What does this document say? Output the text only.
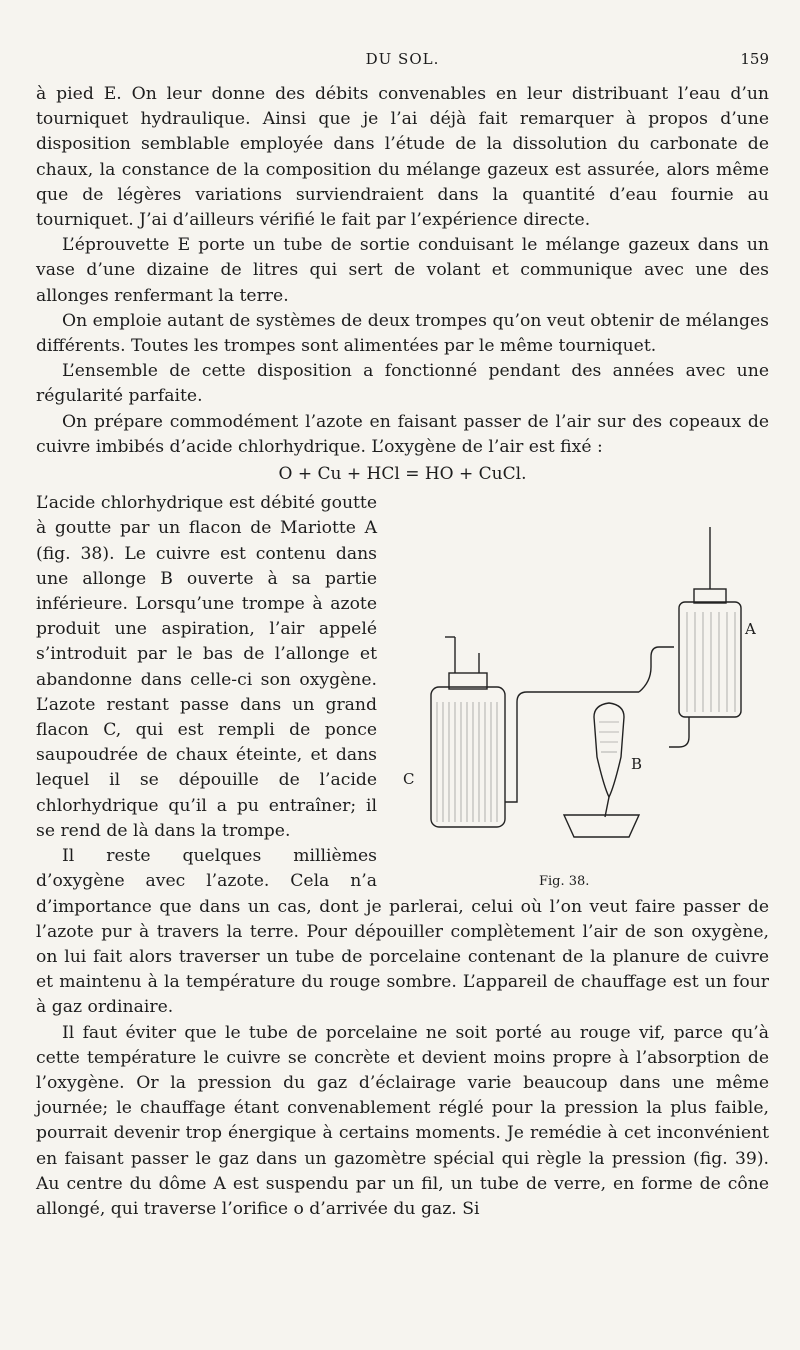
DU SOL.	159

à pied E. On leur donne des débits convenables en leur distribuant l’eau d’un tourniquet hydraulique. Ainsi que je l’ai déjà fait remarquer à propos d’une disposition semblable employée dans l’étude de la dissolution du carbonate de chaux, la constance de la composition du mélange gazeux est assurée, alors même que de légères variations surviendraient dans la quantité d’eau fournie au tourniquet. J’ai d’ailleurs vérifié le fait par l’expérience directe.

L’éprouvette E porte un tube de sortie conduisant le mélange gazeux dans un vase d’une dizaine de litres qui sert de volant et communique avec une des allonges renfermant la terre.

On emploie autant de systèmes de deux trompes qu’on veut obtenir de mélanges différents. Toutes les trompes sont alimentées par le même tourniquet.

L’ensemble de cette disposition a fonctionné pendant des années avec une régularité parfaite.

On prépare commodément l’azote en faisant passer de l’air sur des copeaux de cuivre imbibés d’acide chlorhydrique. L’oxygène de l’air est fixé :

O + Cu + HCl = HO + CuCl.
C
B
A
Fig. 38.

L’acide chlorhydrique est débité goutte à goutte par un flacon de Mariotte A (fig. 38). Le cuivre est contenu dans une allonge B ouverte à sa partie inférieure. Lorsqu’une trompe à azote produit une aspiration, l’air appelé s’introduit par le bas de l’allonge et abandonne dans celle-ci son oxygène. L’azote restant passe dans un grand flacon C, qui est rempli de ponce saupoudrée de chaux éteinte, et dans lequel il se dépouille de l’acide chlorhydrique qu’il a pu entraîner; il se rend de là dans la trompe.

Il reste quelques millièmes d’oxygène avec l’azote. Cela n’a d’importance que dans un cas, dont je parlerai, celui où l’on veut faire passer de l’azote pur à travers la terre. Pour dépouiller complètement l’air de son oxygène, on lui fait alors traverser un tube de porcelaine contenant de la planure de cuivre et maintenu à la température du rouge sombre. L’appareil de chauffage est un four à gaz ordinaire.

Il faut éviter que le tube de porcelaine ne soit porté au rouge vif, parce qu’à cette température le cuivre se concrète et devient moins propre à l’absorption de l’oxygène. Or la pression du gaz d’éclairage varie beaucoup dans une même journée; le chauffage étant convenablement réglé pour la pression la plus faible, pourrait devenir trop énergique à certains moments. Je remédie à cet inconvénient en faisant passer le gaz dans un gazomètre spécial qui règle la pression (fig. 39). Au centre du dôme A est suspendu par un fil, un tube de verre, en forme de cône allongé, qui traverse l’orifice o d’arrivée du gaz. Si
